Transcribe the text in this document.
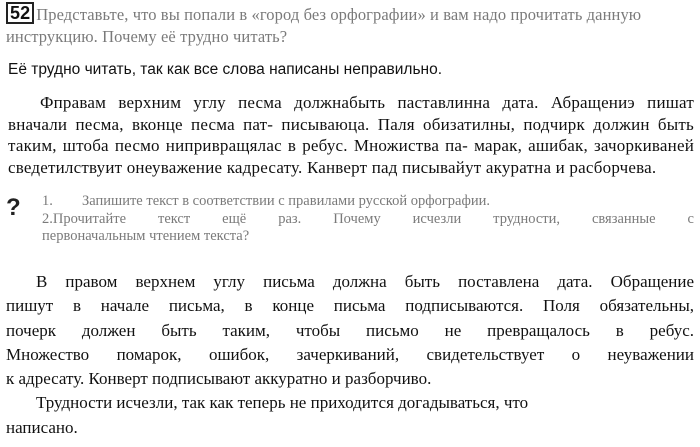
52 Представьте, что вы попали в «город без орфографии» и вам надо прочитать данную
инструкцию. Почему её трудно читать?
Её трудно читать, так как все слова написаны неправильно.
Фправам верхним углу песма должнабыть паставлинна дата. Абращениэ пишат вначали песма, вконце песма пат- писываюца. Паля обизатилны, подчирк должин быть таким, штоба песмо нипривращялас в ребус. Множиства па- марак, ашибак, зачоркиваней сведетилствуит онеуважение кадресату. Канверт пад писывайут акуратна и расборчева.
? 1. Запишите текст в соответствии с правилами русской орфографии.
2.Прочитайте текст ещё раз. Почему исчезли трудности, связанные с
первоначальным чтением текста?
В правом верхнем углу письма должна быть поставлена дата. Обращение
пишут в начале письма, в конце письма подписываются. Поля обязательны,
почерк должен быть таким, чтобы письмо не превращалось в ребус.
Множество помарок, ошибок, зачеркиваний, свидетельствует о неуважении
к адресату. Конверт подписывают аккуратно и разборчиво.
Трудности исчезли, так как теперь не приходится догадываться, что
написано.
